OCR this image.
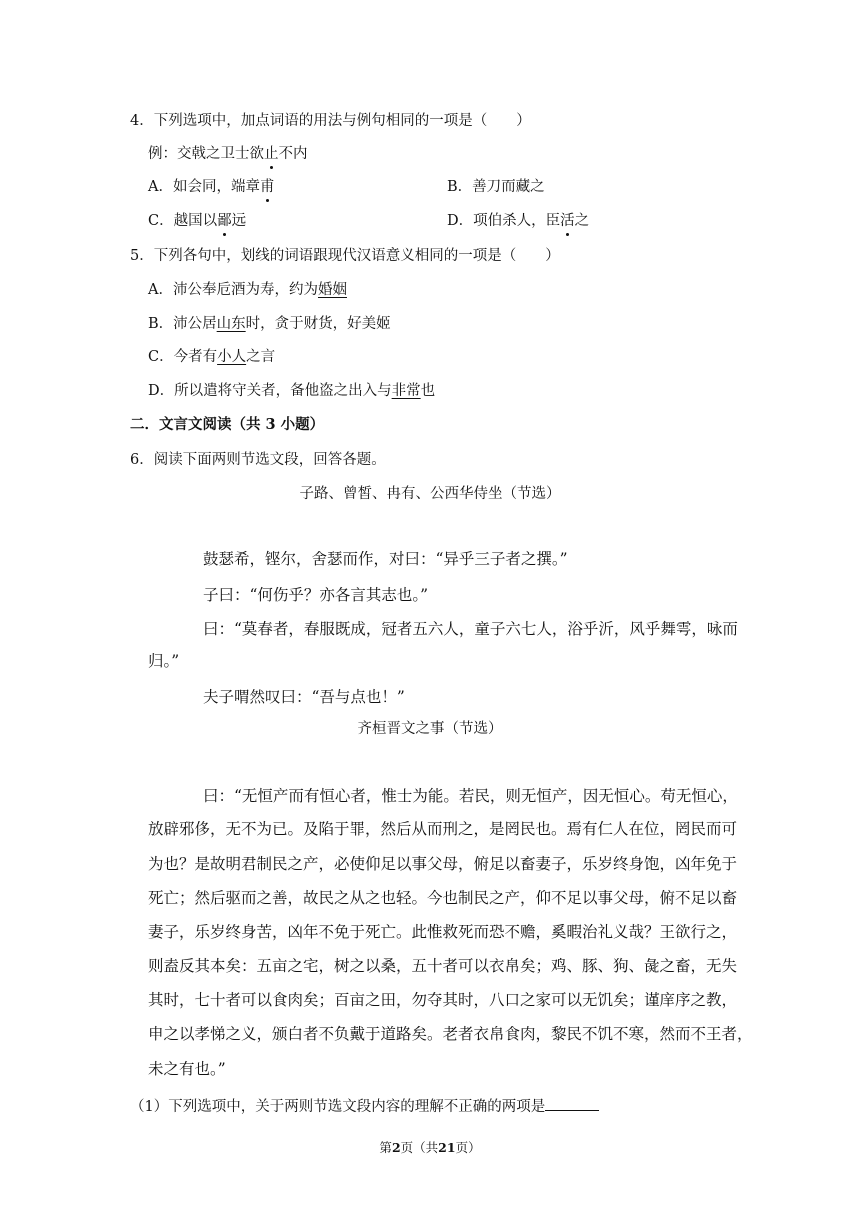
4．下列选项中，加点词语的用法与例句相同的一项是（　　）
例：交戟之卫士欲止不内
A．如会同，端章甫	B．善刀而藏之
C．越国以鄙远	D．项伯杀人，臣活之
5．下列各句中，划线的词语跟现代汉语意义相同的一项是（　　）
A．沛公奉卮酒为寿，约为婚姻
B．沛公居山东时，贪于财货，好美姬
C．今者有小人之言
D．所以遣将守关者，备他盗之出入与非常也
二．文言文阅读（共 3 小题）
6．阅读下面两则节选文段，回答各题。
子路、曾皙、冉有、公西华侍坐（节选）
鼓瑟希，铿尔，舍瑟而作，对曰：“异乎三子者之撰。”
子曰：“何伤乎？亦各言其志也。”
曰：“莫春者，春服既成，冠者五六人，童子六七人，浴乎沂，风乎舞雩，咏而
归。”
夫子喟然叹曰：“吾与点也！”
齐桓晋文之事（节选）
曰：“无恒产而有恒心者，惟士为能。若民，则无恒产，因无恒心。苟无恒心，
放辟邪侈，无不为已。及陷于罪，然后从而刑之，是罔民也。焉有仁人在位，罔民而可
为也？是故明君制民之产，必使仰足以事父母，俯足以畜妻子，乐岁终身饱，凶年免于
死亡；然后驱而之善，故民之从之也轻。今也制民之产，仰不足以事父母，俯不足以畜
妻子，乐岁终身苦，凶年不免于死亡。此惟救死而恐不赡，奚暇治礼义哉？王欲行之，
则盍反其本矣：五亩之宅，树之以桑，五十者可以衣帛矣；鸡、豚、狗、彘之畜，无失
其时，七十者可以食肉矣；百亩之田，勿夺其时，八口之家可以无饥矣；谨庠序之教，
申之以孝悌之义，颁白者不负戴于道路矣。老者衣帛食肉，黎民不饥不寒，然而不王者，
未之有也。”
（1）下列选项中，关于两则节选文段内容的理解不正确的两项是
第2页（共21页）
